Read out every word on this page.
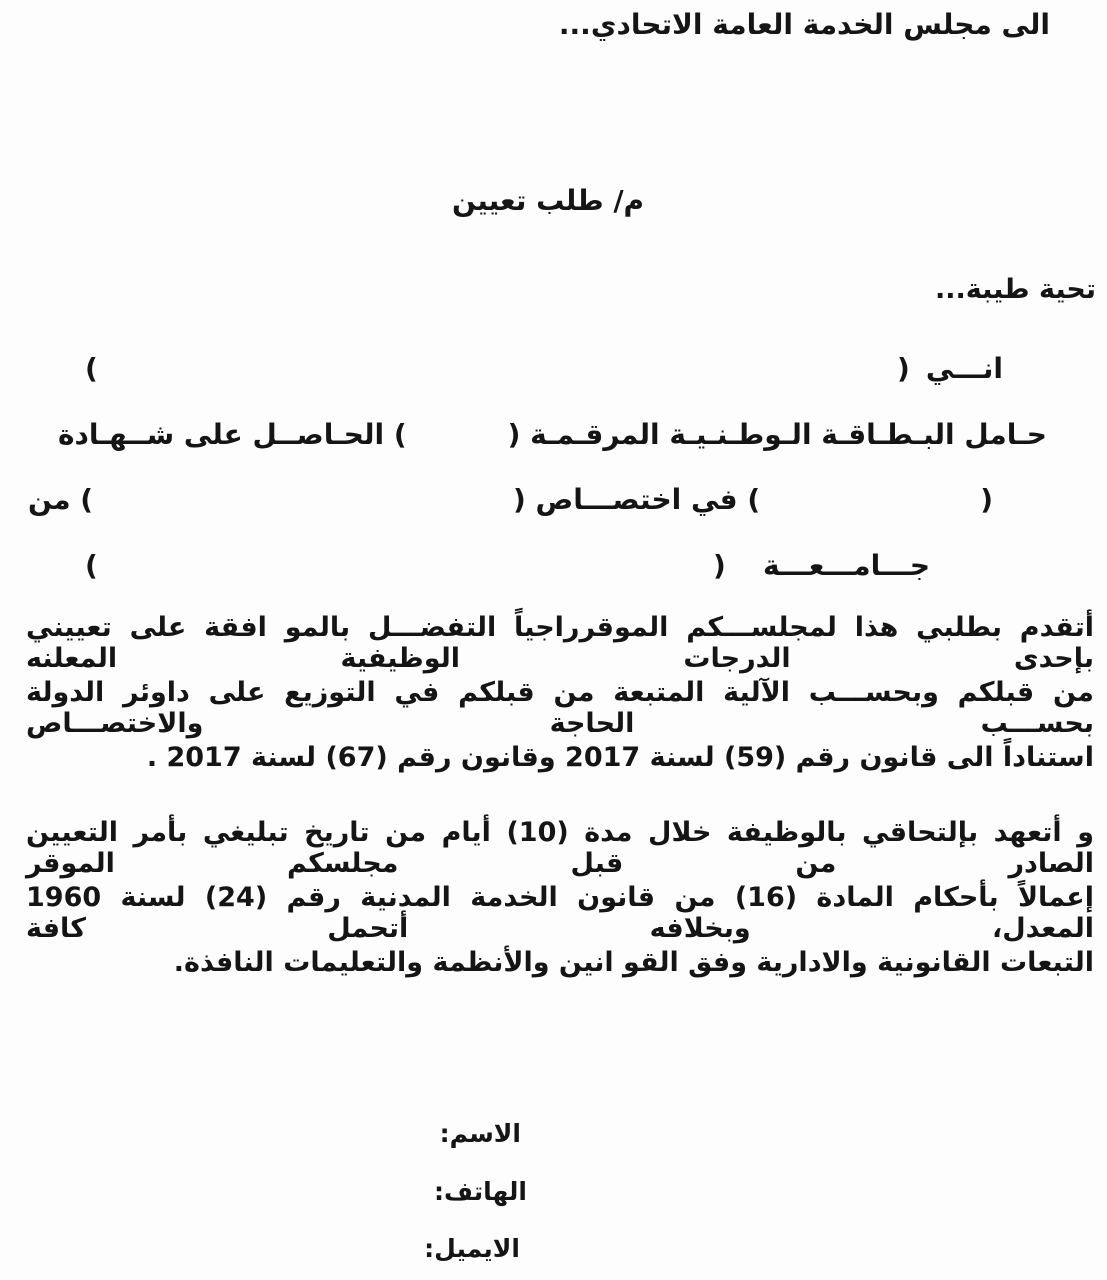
الى مجلس الخدمة العامة الاتحادي...
م/ طلب تعيين
تحية طيبة...
انـــي
(
)
حـامل البـطـاقـة الـوطـنـيـة المرقـمـة (
) الحـاصــل على شــهـادة
(
) في اختصـــاص (
) من
جـــامـــعـــة
(
)
أتقدم بطلبي هذا لمجلســـكم الموقرراجياً التفضـــل بالمو افقة على تعييني بإحدى الدرجات الوظيفية المعلنه
من قبلكم وبحســـب الآلية المتبعة من قبلكم في التوزيع على داوئر الدولة بحســـب الحاجة والاختصـــاص
استناداً الى قانون رقم (59) لسنة 2017 وقانون رقم (67) لسنة 2017 .
و أتعهد بإلتحاقي بالوظيفة خلال مدة (10) أيام من تاريخ تبليغي بأمر التعيين الصادر من قبل مجلسكم الموقر
إعمالاً بأحكام المادة (16) من قانون الخدمة المدنية رقم (24) لسنة 1960 المعدل، وبخلافه أتحمل كافة
التبعات القانونية والادارية وفق القو انين والأنظمة والتعليمات النافذة.
الاسم:
الهاتف:
الايميل:
